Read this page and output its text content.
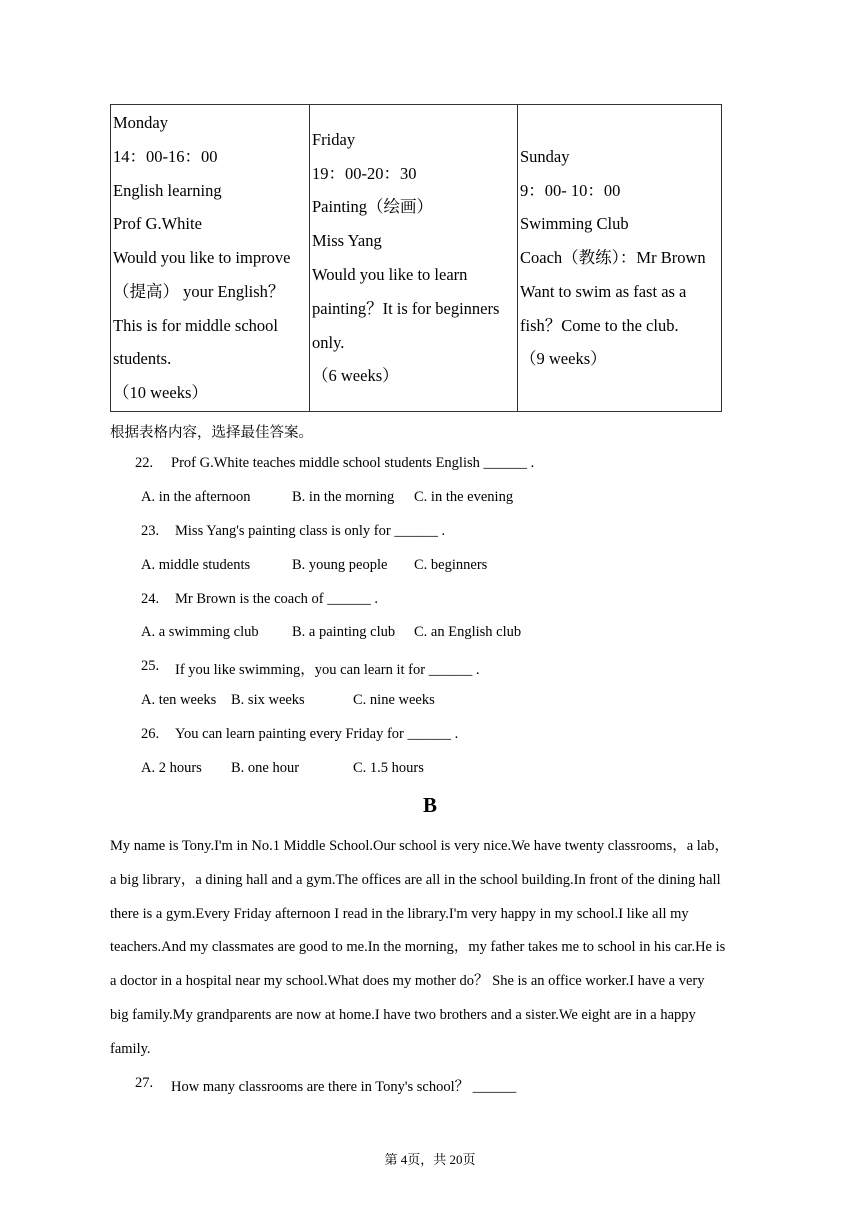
Monday
14：00-16：00
English learning
Prof G.White
Would you like to improve
（提高） your English？
This is for middle school
students.
（10 weeks）

Friday
19：00-20：30
Painting（绘画）
Miss Yang
Would you like to learn
painting？It is for beginners
only.
（6 weeks）

Sunday
9：00- 10：00
Swimming Club
Coach（教练）：Mr Brown
Want to swim as fast as a
fish？Come to the club.
（9 weeks）
根据表格内容，选择最佳答案。
22. Prof G.White teaches middle school students English ______ .
A. in the afternoon	B. in the morning C. in the evening
23. Miss Yang's painting class is only for ______ .
A. middle students	B. young people C. beginners
24. Mr Brown is the coach of ______ .
A. a swimming club B. a painting club C. an English club
25. If you like swimming，you can learn it for ______ .
A. ten weeks B. six weeks	C. nine weeks
26. You can learn painting every Friday for ______ .
A. 2 hours B. one hour	C. 1.5 hours
B
My name is Tony.I'm in No.1 Middle School.Our school is very nice.We have twenty classrooms，a lab，
a big library，a dining hall and a gym.The offices are all in the school building.In front of the dining hall
there is a gym.Every Friday afternoon I read in the library.I'm very happy in my school.I like all my
teachers.And my classmates are good to me.In the morning，my father takes me to school in his car.He is
a doctor in a hospital near my school.What does my mother do？ She is an office worker.I have a very
big family.My grandparents are now at home.I have two brothers and a sister.We eight are in a happy
family.
27. How many classrooms are there in Tony's school？ ______
第 4页，共 20页
